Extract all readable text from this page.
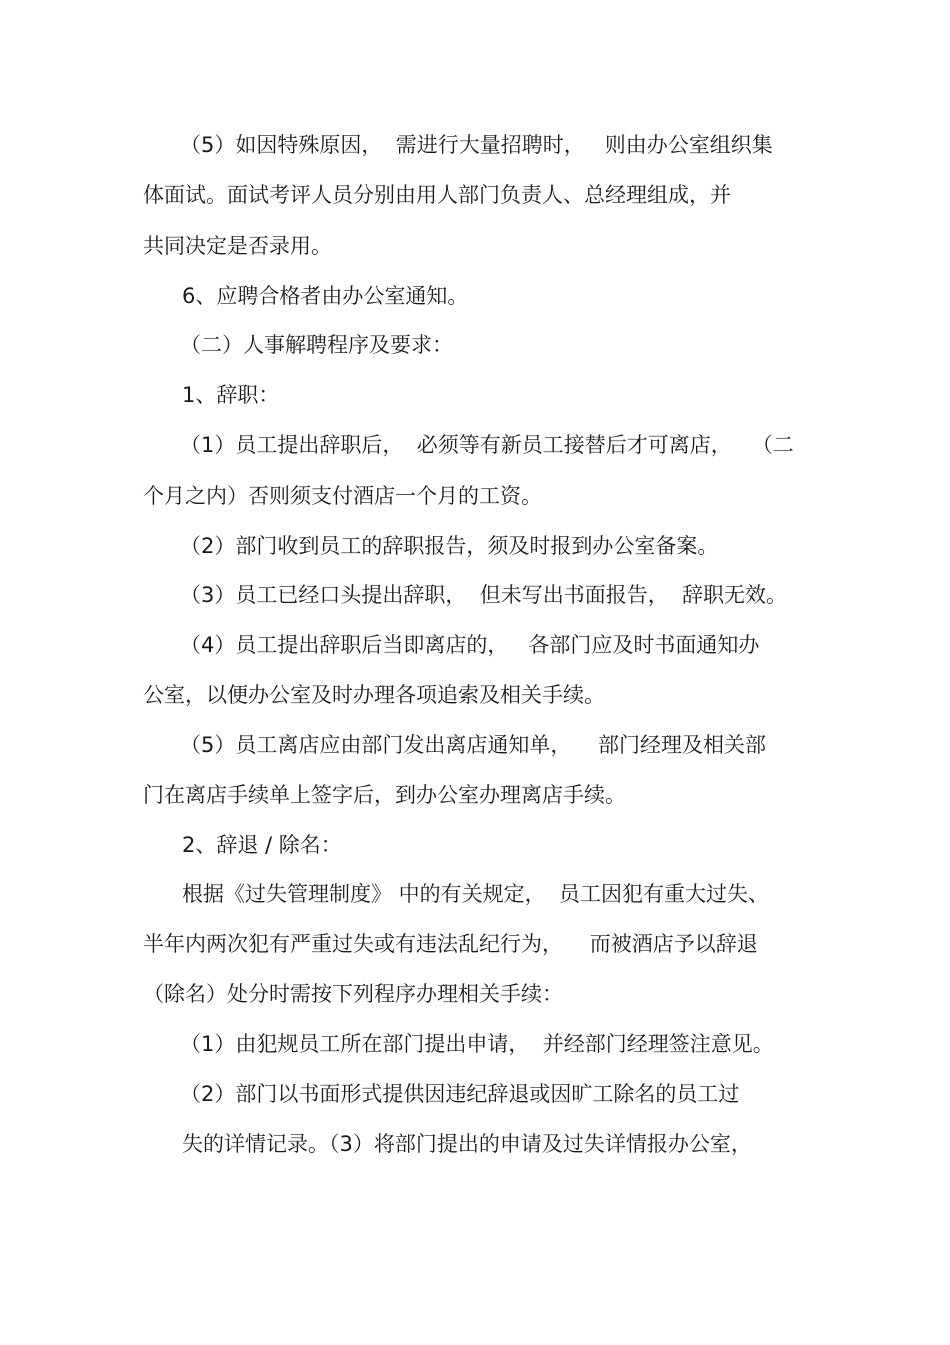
（5）如因特殊原因，  需进行大量招聘时，   则由办公室组织集

体面试。面试考评人员分别由用人部门负责人、总经理组成，并

共同决定是否录用。

6、应聘合格者由办公室通知。

（二）人事解聘程序及要求：

1、辞职：

（1）员工提出辞职后，  必须等有新员工接替后才可离店，   （二

个月之内）否则须支付酒店一个月的工资。

（2）部门收到员工的辞职报告，须及时报到办公室备案。

（3）员工已经口头提出辞职，  但未写出书面报告，  辞职无效。

（4）员工提出辞职后当即离店的，   各部门应及时书面通知办

公室，以便办公室及时办理各项追索及相关手续。

（5）员工离店应由部门发出离店通知单，    部门经理及相关部

门在离店手续单上签字后，到办公室办理离店手续。

2、辞退 / 除名：

根据《过失管理制度》 中的有关规定，  员工因犯有重大过失、

半年内两次犯有严重过失或有违法乱纪行为，    而被酒店予以辞退

（除名）处分时需按下列程序办理相关手续：

（1）由犯规员工所在部门提出申请，  并经部门经理签注意见。

（2）部门以书面形式提供因违纪辞退或因旷工除名的员工过

失的详情记录。（3）将部门提出的申请及过失详情报办公室，
